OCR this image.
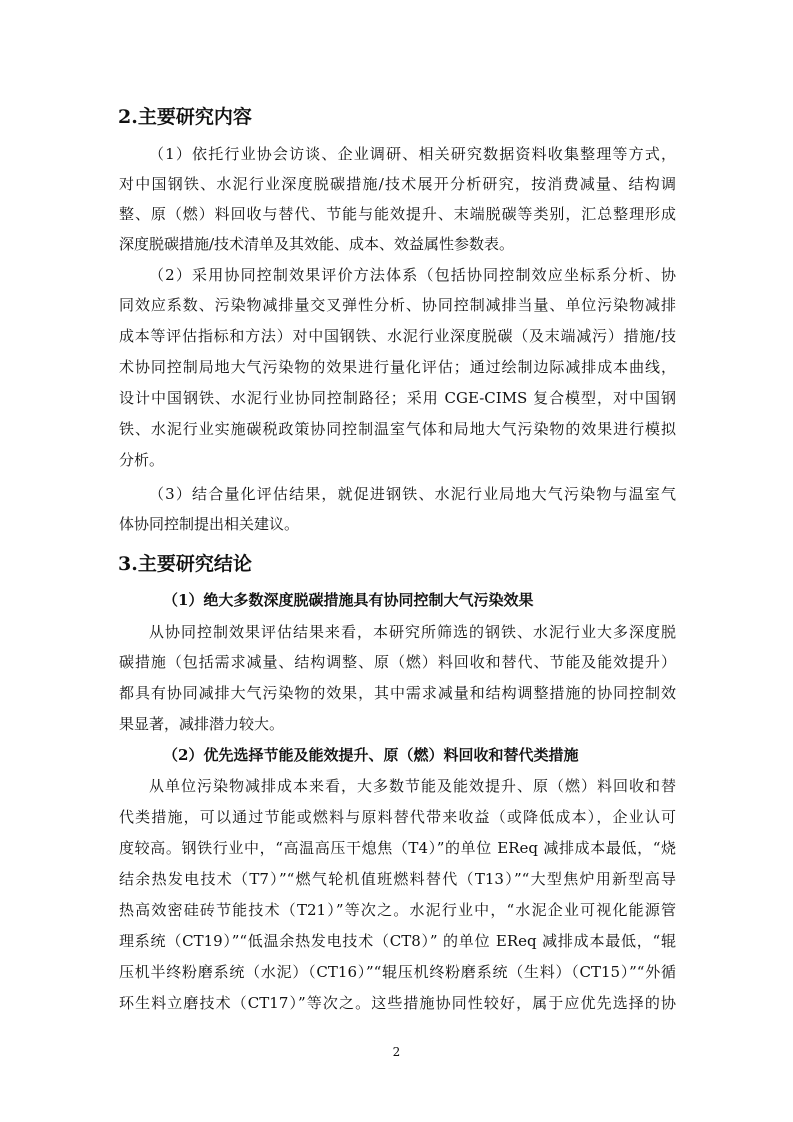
2.主要研究内容
（1）依托行业协会访谈、企业调研、相关研究数据资料收集整理等方式，
对中国钢铁、水泥行业深度脱碳措施/技术展开分析研究，按消费减量、结构调
整、原（燃）料回收与替代、节能与能效提升、末端脱碳等类别，汇总整理形成
深度脱碳措施/技术清单及其效能、成本、效益属性参数表。
（2）采用协同控制效果评价方法体系（包括协同控制效应坐标系分析、协
同效应系数、污染物减排量交叉弹性分析、协同控制减排当量、单位污染物减排
成本等评估指标和方法）对中国钢铁、水泥行业深度脱碳（及末端减污）措施/技
术协同控制局地大气污染物的效果进行量化评估；通过绘制边际减排成本曲线，
设计中国钢铁、水泥行业协同控制路径；采用 CGE-CIMS 复合模型，对中国钢
铁、水泥行业实施碳税政策协同控制温室气体和局地大气污染物的效果进行模拟
分析。
（3）结合量化评估结果，就促进钢铁、水泥行业局地大气污染物与温室气
体协同控制提出相关建议。
3.主要研究结论
（1）绝大多数深度脱碳措施具有协同控制大气污染效果
从协同控制效果评估结果来看，本研究所筛选的钢铁、水泥行业大多深度脱
碳措施（包括需求减量、结构调整、原（燃）料回收和替代、节能及能效提升）
都具有协同减排大气污染物的效果，其中需求减量和结构调整措施的协同控制效
果显著，减排潜力较大。
（2）优先选择节能及能效提升、原（燃）料回收和替代类措施
从单位污染物减排成本来看，大多数节能及能效提升、原（燃）料回收和替
代类措施，可以通过节能或燃料与原料替代带来收益（或降低成本），企业认可
度较高。钢铁行业中，“高温高压干熄焦（T4）”的单位 EReq 减排成本最低，“烧
结余热发电技术（T7）”“燃气轮机值班燃料替代（T13）”“大型焦炉用新型高导
热高效密硅砖节能技术（T21）”等次之。水泥行业中，“水泥企业可视化能源管
理系统（CT19）”“低温余热发电技术（CT8）” 的单位 EReq 减排成本最低，“辊
压机半终粉磨系统（水泥）（CT16）”“辊压机终粉磨系统（生料）（CT15）”“外循
环生料立磨技术（CT17）”等次之。这些措施协同性较好，属于应优先选择的协
2
